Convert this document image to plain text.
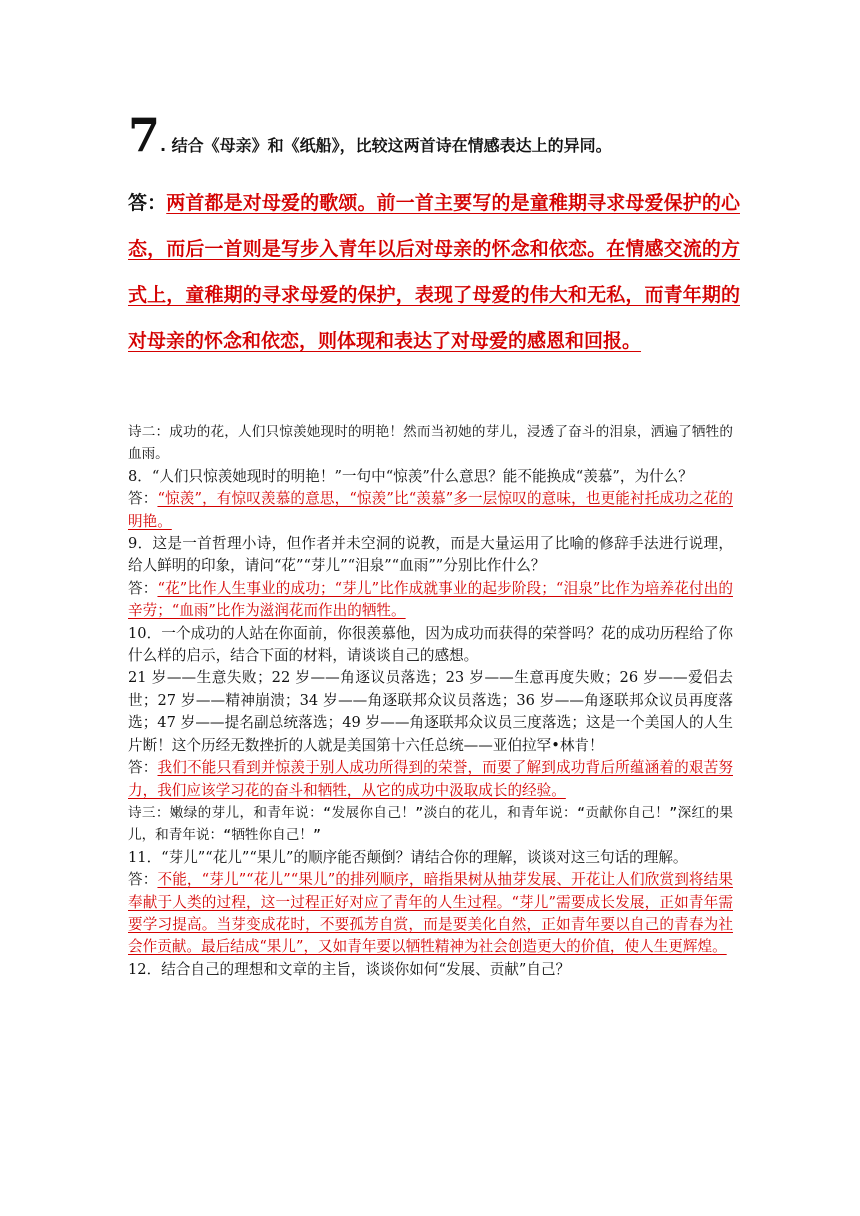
7. 结合《母亲》和《纸船》，比较这两首诗在情感表达上的异同。
答：两首都是对母爱的歌颂。前一首主要写的是童稚期寻求母爱保护的心态，而后一首则是写步入青年以后对母亲的怀念和依恋。在情感交流的方式上，童稚期的寻求母爱的保护，表现了母爱的伟大和无私，而青年期的对母亲的怀念和依恋，则体现和表达了对母爱的感恩和回报。

诗二：成功的花，人们只惊羡她现时的明艳！然而当初她的芽儿，浸透了奋斗的泪泉，洒遍了牺牲的血雨。

8．“人们只惊羡她现时的明艳！”一句中“惊羡”什么意思？能不能换成“羡慕”，为什么？

答：“惊羡”，有惊叹羡慕的意思，“惊羡”比“羡慕”多一层惊叹的意味，也更能衬托成功之花的明艳。

9．这是一首哲理小诗，但作者并未空洞的说教，而是大量运用了比喻的修辞手法进行说理，给人鲜明的印象，请问“花”“芽儿”“泪泉”“血雨””分别比作什么？

答：“花”比作人生事业的成功；“芽儿”比作成就事业的起步阶段；“泪泉”比作为培养花付出的辛劳；“血雨”比作为滋润花而作出的牺牲。

10．一个成功的人站在你面前，你很羡慕他，因为成功而获得的荣誉吗？花的成功历程给了你什么样的启示，结合下面的材料，请谈谈自己的感想。

21 岁——生意失败；22 岁——角逐议员落选；23 岁——生意再度失败；26 岁——爱侣去世；27 岁——精神崩溃；34 岁——角逐联邦众议员落选；36 岁——角逐联邦众议员再度落选；47 岁——提名副总统落选；49 岁——角逐联邦众议员三度落选；这是一个美国人的人生片断！这个历经无数挫折的人就是美国第十六任总统——亚伯拉罕•林肯！

答：我们不能只看到并惊羡于别人成功所得到的荣誉，而要了解到成功背后所蕴涵着的艰苦努力，我们应该学习花的奋斗和牺牲，从它的成功中汲取成长的经验。

诗三：嫩绿的芽儿，和青年说：“发展你自己！”淡白的花儿，和青年说：“贡献你自己！”深红的果儿，和青年说：“牺牲你自己！”

11．“芽儿”“花儿”“果儿”的顺序能否颠倒？请结合你的理解，谈谈对这三句话的理解。

答：不能，“芽儿”“花儿”“果儿”的排列顺序，暗指果树从抽芽发展、开花让人们欣赏到将结果奉献于人类的过程，这一过程正好对应了青年的人生过程。“芽儿”需要成长发展，正如青年需要学习提高。当芽变成花时，不要孤芳自赏，而是要美化自然，正如青年要以自己的青春为社会作贡献。最后结成“果儿”，又如青年要以牺牲精神为社会创造更大的价值，使人生更辉煌。

12．结合自己的理想和文章的主旨，谈谈你如何“发展、贡献”自己？
